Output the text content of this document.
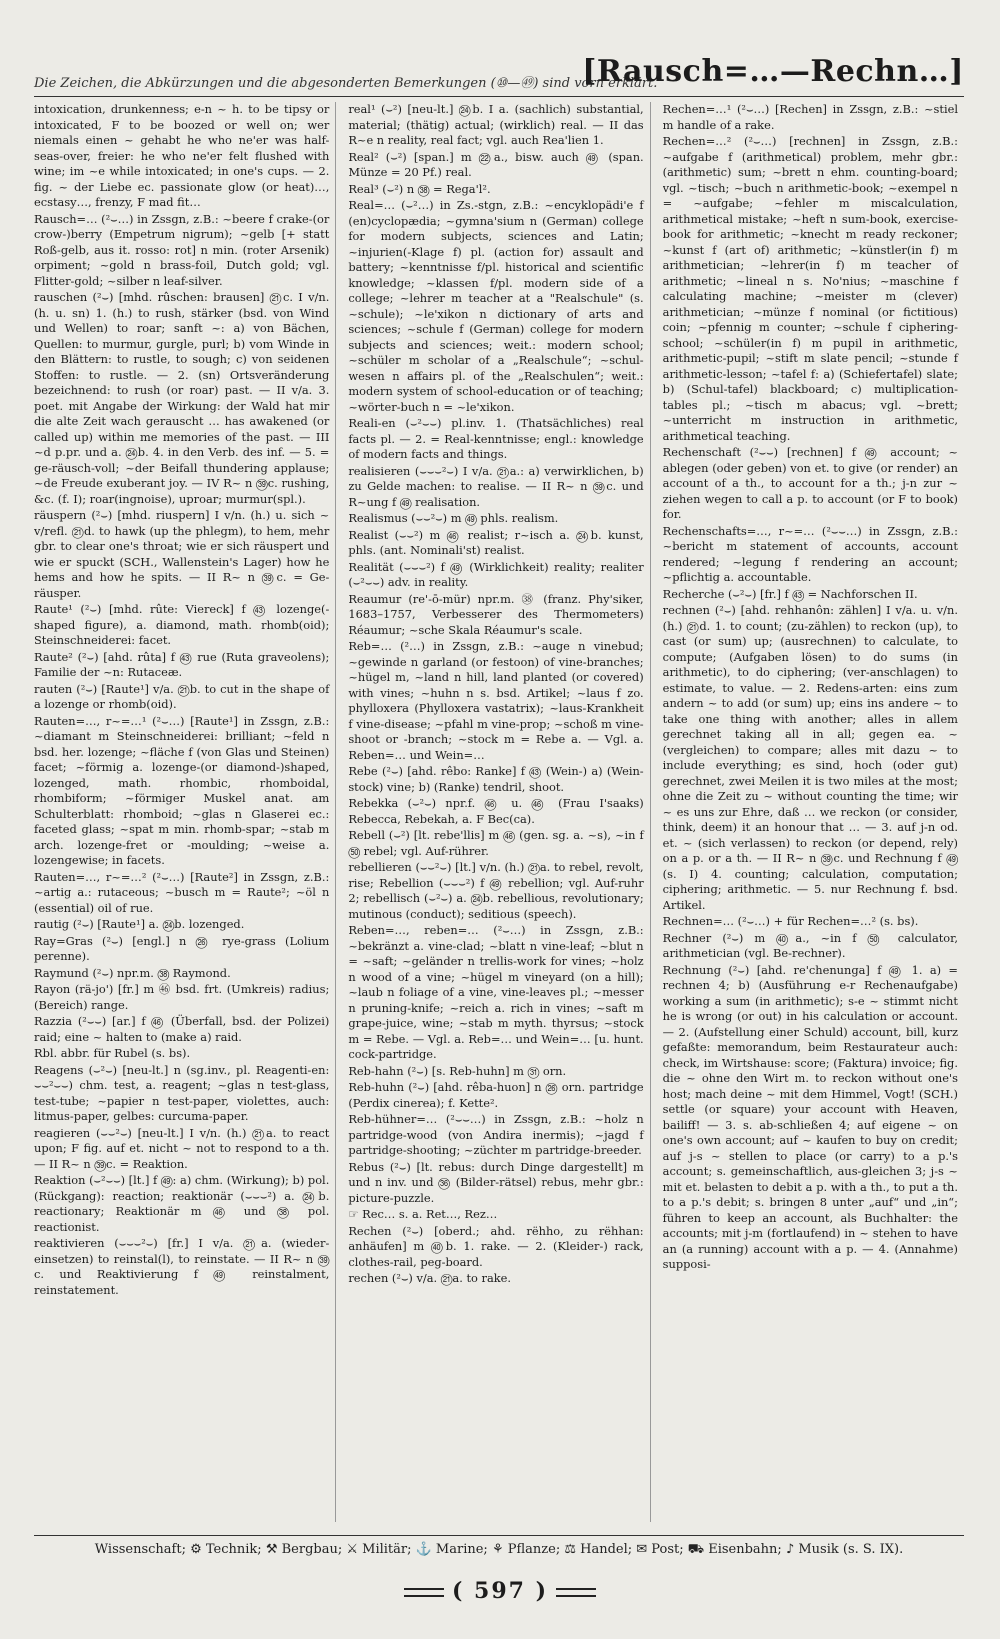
Die Zeichen, die Abkürzungen und die abgesonderten Bemerkungen (⑩—㊾) sind vorn erklärt.
[Rausch=…—Rechn…]

intoxication, drunkenness; e-n ~ h. to be tipsy or intoxicated, F to be boozed or well on; wer niemals einen ~ gehabt he who ne'er was half-seas-over, freier: he who ne'er felt flushed with wine; im ~e while intoxicated; in one's cups. — 2. fig. ~ der Liebe ec. passionate glow (or heat)…, ecstasy…, frenzy, F mad fit…

Rausch=… (²⌣…) in Zssgn, z.B.: ~beere f crake-(or crow-)berry (Empetrum nigrum); ~gelb [+ statt Roß-gelb, aus it. rosso: rot] n min. (roter Arsenik) orpiment; ~gold n brass-foil, Dutch gold; vgl. Flitter-gold; ~silber n leaf-silver.

rauschen (²⌣) [mhd. rûschen: brausen] ㉑c. I v/n. (h. u. sn) 1. (h.) to rush, stärker (bsd. von Wind und Wellen) to roar; sanft ~: a) von Bächen, Quellen: to murmur, gurgle, purl; b) vom Winde in den Blättern: to rustle, to sough; c) von seidenen Stoffen: to rustle. — 2. (sn) Ortsveränderung bezeichnend: to rush (or roar) past. — II v/a. 3. poet. mit Angabe der Wirkung: der Wald hat mir die alte Zeit wach gerauscht … has awakened (or called up) within me memories of the past. — III ~d p.pr. und a. ㉔b. 4. in den Verb. des inf. — 5. = ge-räusch-voll; ~der Beifall thundering applause; ~de Freude exuberant joy. — IV R~ n ㊴c. rushing, &c. (f. I); roar(ingnoise), uproar; murmur(spl.).

räuspern (²⌣) [mhd. riuspern] I v/n. (h.) u. sich ~ v/refl. ㉑d. to hawk (up the phlegm), to hem, mehr gbr. to clear one's throat; wie er sich räuspert und wie er spuckt (SCH., Wallenstein's Lager) how he hems and how he spits. — II R~ n ㊴c. = Ge-räusper.

Raute¹ (²⌣) [mhd. rûte: Viereck] f ㊸ lozenge(-shaped figure), a. diamond, math. rhomb(oid); Steinschneiderei: facet.

Raute² (²⌣) [ahd. rûta] f ㊸ rue (Ruta graveolens); Familie der ~n: Rutaceæ.

rauten (²⌣) [Raute¹] v/a. ㉑b. to cut in the shape of a lozenge or rhomb(oid).

Rauten=…, r~=…¹ (²⌣…) [Raute¹] in Zssgn, z.B.: ~diamant m Steinschneiderei: brilliant; ~feld n bsd. her. lozenge; ~fläche f (von Glas und Steinen) facet; ~förmig a. lozenge-(or diamond-)shaped, lozenged, math. rhombic, rhomboidal, rhombiform; ~förmiger Muskel anat. am Schulterblatt: rhomboid; ~glas n Glaserei ec.: faceted glass; ~spat m min. rhomb-spar; ~stab m arch. lozenge-fret or -moulding; ~weise a. lozengewise; in facets.

Rauten=…, r~=…² (²⌣…) [Raute²] in Zssgn, z.B.: ~artig a.: rutaceous; ~busch m = Raute²; ~öl n (essential) oil of rue.

rautig (²⌣) [Raute¹] a. ㉔b. lozenged.

Ray=Gras (²⌣) [engl.] n ㉖ rye-grass (Lolium perenne).

Raymund (²⌣) npr.m. ㊳ Raymond.

Rayon (rä-jo') [fr.] m ㊻ bsd. frt. (Umkreis) radius; (Bereich) range.

Razzia (²⌣⌣) [ar.] f ㊻ (Überfall, bsd. der Polizei) raid; eine ~ halten to (make a) raid.

Rbl. abbr. für Rubel (s. bs).

Reagens (⌣²⌣) [neu-lt.] n (sg.inv., pl. Reagenti-en: ⌣⌣²⌣⌣) chm. test, a. reagent; ~glas n test-glass, test-tube; ~papier n test-paper, violettes, auch: litmus-paper, gelbes: curcuma-paper.

reagieren (⌣⌣²⌣) [neu-lt.] I v/n. (h.) ㉑a. to react upon; F fig. auf et. nicht ~ not to respond to a th. — II R~ n ㊴c. = Reaktion.

Reaktion (⌣²⌣⌣) [lt.] f ㊾: a) chm. (Wirkung); b) pol. (Rückgang): reaction; reaktionär (⌣⌣⌣²) a. ㉔b. reactionary; Reaktionär m ㊻ und ㊳ pol. reactionist.

reaktivieren (⌣⌣⌣²⌣) [fr.] I v/a. ㉑a. (wieder-einsetzen) to reinstal(l), to reinstate. — II R~ n ㊴c. und Reaktivierung f ㊾ reinstalment, reinstatement.

real¹ (⌣²) [neu-lt.] ㉔b. I a. (sachlich) substantial, material; (thätig) actual; (wirklich) real. — II das R~e n reality, real fact; vgl. auch Rea'lien 1.

Real² (⌣²) [span.] m ㉒a., bisw. auch ㊾ (span. Münze = 20 Pf.) real.

Real³ (⌣²) n ㊳ = Rega'l².

Real=… (⌣²…) in Zs.-stgn, z.B.: ~encyklopädi'e f (en)cyclopædia; ~gymna'sium n (German) college for modern subjects, sciences and Latin; ~injurien(-Klage f) pl. (action for) assault and battery; ~kenntnisse f/pl. historical and scientific knowledge; ~klassen f/pl. modern side of a college; ~lehrer m teacher at a "Realschule" (s. ~schule); ~le'xikon n dictionary of arts and sciences; ~schule f (German) college for modern subjects and sciences; weit.: modern school; ~schüler m scholar of a „Realschule“; ~schul-wesen n affairs pl. of the „Realschulen“; weit.: modern system of school-education or of teaching; ~wörter-buch n = ~le'xikon.

Reali-en (⌣²⌣⌣) pl.inv. 1. (Thatsächliches) real facts pl. — 2. = Real-kenntnisse; engl.: knowledge of modern facts and things.

realisieren (⌣⌣⌣²⌣) I v/a. ㉑a.: a) verwirklichen, b) zu Gelde machen: to realise. — II R~ n ㊴c. und R~ung f ㊾ realisation.

Realismus (⌣⌣²⌣) m ㊾ phls. realism.

Realist (⌣⌣²) m ㊻ realist; r~isch a. ㉔b. kunst, phls. (ant. Nominali'st) realist.

Realität (⌣⌣⌣²) f ㊾ (Wirklichkeit) reality; realiter (⌣²⌣⌣) adv. in reality.

Reaumur (re'-ō-mür) npr.m. ㊳ (franz. Phy'siker, 1683–1757, Verbesserer des Thermometers) Réaumur; ~sche Skala Réaumur's scale.

Reb=… (²…) in Zssgn, z.B.: ~auge n vinebud; ~gewinde n garland (or festoon) of vine-branches; ~hügel m, ~land n hill, land planted (or covered) with vines; ~huhn n s. bsd. Artikel; ~laus f zo. phylloxera (Phylloxera vastatrix); ~laus-Krankheit f vine-disease; ~pfahl m vine-prop; ~schoß m vine-shoot or -branch; ~stock m = Rebe a. — Vgl. a. Reben=… und Wein=…

Rebe (²⌣) [ahd. rêbo: Ranke] f ㊸ (Wein-) a) (Wein-stock) vine; b) (Ranke) tendril, shoot.

Rebekka (⌣²⌣) npr.f. ㊻ u. ㊻ (Frau I'saaks) Rebecca, Rebekah, a. F Bec(ca).

Rebell (⌣²) [lt. rebe'llis] m ㊻ (gen. sg. a. ~s), ~in f ㊿ rebel; vgl. Auf-rührer.

rebellieren (⌣⌣²⌣) [lt.] v/n. (h.) ㉑a. to rebel, revolt, rise; Rebellion (⌣⌣⌣²) f ㊾ rebellion; vgl. Auf-ruhr 2; rebellisch (⌣²⌣) a. ㉔b. rebellious, revolutionary; mutinous (conduct); seditious (speech).

Reben=…, reben=… (²⌣…) in Zssgn, z.B.: ~bekränzt a. vine-clad; ~blatt n vine-leaf; ~blut n = ~saft; ~geländer n trellis-work for vines; ~holz n wood of a vine; ~hügel m vineyard (on a hill); ~laub n foliage of a vine, vine-leaves pl.; ~messer n pruning-knife; ~reich a. rich in vines; ~saft m grape-juice, wine; ~stab m myth. thyrsus; ~stock m = Rebe. — Vgl. a. Reb=… und Wein=… [u. hunt. cock-partridge.

Reb-hahn (²⌣) [s. Reb-huhn] m ㉛ orn.

Reb-huhn (²⌣) [ahd. rêba-huon] n ㉖ orn. partridge (Perdix cinerea); f. Kette².

Reb-hühner=… (²⌣⌣…) in Zssgn, z.B.: ~holz n partridge-wood (von Andira inermis); ~jagd f partridge-shooting; ~züchter m partridge-breeder.

Rebus (²⌣) [lt. rebus: durch Dinge dargestellt] m und n inv. und ㊱ (Bilder-rätsel) rebus, mehr gbr.: picture-puzzle.

☞ Rec… s. a. Ret…, Rez…

Rechen (²⌣) [oberd.; ahd. rëhho, zu rëhhan: anhäufen] m ㊵b. 1. rake. — 2. (Kleider-) rack, clothes-rail, peg-board.

rechen (²⌣) v/a. ㉑a. to rake.

Rechen=…¹ (²⌣…) [Rechen] in Zssgn, z.B.: ~stiel m handle of a rake.

Rechen=…² (²⌣…) [rechnen] in Zssgn, z.B.: ~aufgabe f (arithmetical) problem, mehr gbr.: (arithmetic) sum; ~brett n ehm. counting-board; vgl. ~tisch; ~buch n arithmetic-book; ~exempel n = ~aufgabe; ~fehler m miscalculation, arithmetical mistake; ~heft n sum-book, exercise-book for arithmetic; ~knecht m ready reckoner; ~kunst f (art of) arithmetic; ~künstler(in f) m arithmetician; ~lehrer(in f) m teacher of arithmetic; ~lineal n s. No'nius; ~maschine f calculating machine; ~meister m (clever) arithmetician; ~münze f nominal (or fictitious) coin; ~pfennig m counter; ~schule f ciphering-school; ~schüler(in f) m pupil in arithmetic, arithmetic-pupil; ~stift m slate pencil; ~stunde f arithmetic-lesson; ~tafel f: a) (Schiefertafel) slate; b) (Schul-tafel) blackboard; c) multiplication-tables pl.; ~tisch m abacus; vgl. ~brett; ~unterricht m instruction in arithmetic, arithmetical teaching.

Rechenschaft (²⌣⌣) [rechnen] f ㊾ account; ~ ablegen (oder geben) von et. to give (or render) an account of a th., to account for a th.; j-n zur ~ ziehen wegen to call a p. to account (or F to book) for.

Rechenschafts=…, r~=… (²⌣⌣…) in Zssgn, z.B.: ~bericht m statement of accounts, account rendered; ~legung f rendering an account; ~pflichtig a. accountable.

Recherche (⌣²⌣) [fr.] f ㊸ = Nachforschen II.

rechnen (²⌣) [ahd. rehhanôn: zählen] I v/a. u. v/n. (h.) ㉑d. 1. to count; (zu-zählen) to reckon (up), to cast (or sum) up; (ausrechnen) to calculate, to compute; (Aufgaben lösen) to do sums (in arithmetic), to do ciphering; (ver-anschlagen) to estimate, to value. — 2. Redens-arten: eins zum andern ~ to add (or sum) up; eins ins andere ~ to take one thing with another; alles in allem gerechnet taking all in all; gegen ea. ~ (vergleichen) to compare; alles mit dazu ~ to include everything; es sind, hoch (oder gut) gerechnet, zwei Meilen it is two miles at the most; ohne die Zeit zu ~ without counting the time; wir ~ es uns zur Ehre, daß … we reckon (or consider, think, deem) it an honour that … — 3. auf j-n od. et. ~ (sich verlassen) to reckon (or depend, rely) on a p. or a th. — II R~ n ㊴c. und Rechnung f ㊾ (s. I) 4. counting; calculation, computation; ciphering; arithmetic. — 5. nur Rechnung f. bsd. Artikel.

Rechnen=… (²⌣…) + für Rechen=…² (s. bs).

Rechner (²⌣) m ㊵a., ~in f ㊿ calculator, arithmetician (vgl. Be-rechner).

Rechnung (²⌣) [ahd. re'chenunga] f ㊾ 1. a) = rechnen 4; b) (Ausführung e-r Rechenaufgabe) working a sum (in arithmetic); s-e ~ stimmt nicht he is wrong (or out) in his calculation or account. — 2. (Aufstellung einer Schuld) account, bill, kurz gefaßte: memorandum, beim Restaurateur auch: check, im Wirtshause: score; (Faktura) invoice; fig. die ~ ohne den Wirt m. to reckon without one's host; mach deine ~ mit dem Himmel, Vogt! (SCH.) settle (or square) your account with Heaven, bailiff! — 3. s. ab-schließen 4; auf eigene ~ on one's own account; auf ~ kaufen to buy on credit; auf j-s ~ stellen to place (or carry) to a p.'s account; s. gemeinschaftlich, aus-gleichen 3; j-s ~ mit et. belasten to debit a p. with a th., to put a th. to a p.'s debit; s. bringen 8 unter „auf“ und „in“; führen to keep an account, als Buchhalter: the accounts; mit j-m (fortlaufend) in ~ stehen to have an (a running) account with a p. — 4. (Annahme) supposi-

Wissenschaft; ⚙ Technik; ⚒ Bergbau; ⚔ Militär; ⚓ Marine; ⚘ Pflanze; ⚖ Handel; ✉ Post; ⛟ Eisenbahn; ♪ Musik (s. S. IX).
( 597 )
